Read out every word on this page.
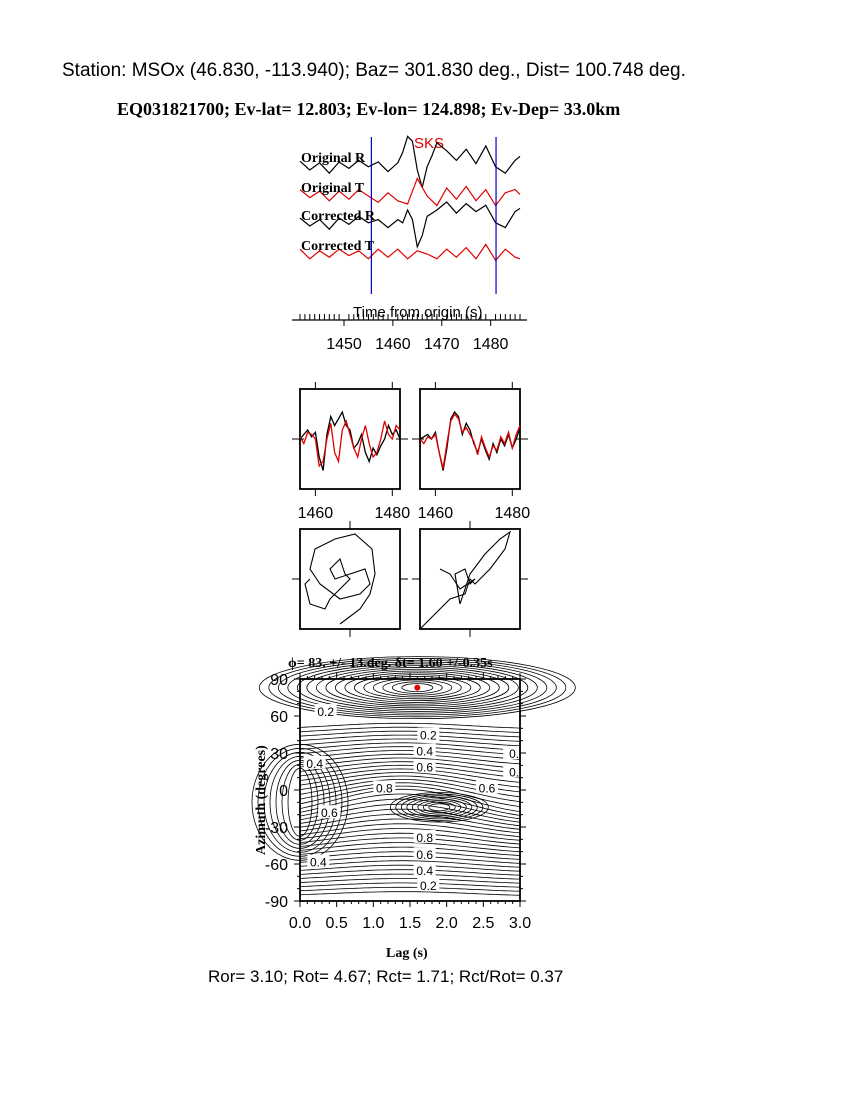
Station: MSOx (46.830, -113.940); Baz= 301.830 deg., Dist= 100.748 deg.
EQ031821700; Ev-lat= 12.803; Ev-lon= 124.898; Ev-Dep= 33.0km
SKS
Original R
Original T
Corrected R
Corrected T
Time from origin (s)
1450 1460 1470 1480
1460	1480 1460	1480
ϕ= 83. +/- 13.deg. δt= 1.60 +/-0.35s
0.2
0.2
0.4
0.6
0.8	0.6
0.4
0.6
0.8
0.6
0.4
0.2
0.4
0.
0.
90
60
30
0
-30
-60
-90
0.0 0.5 1.0 1.5 2.0 2.5 3.0
Lag (s)
Azimuth (degrees)
Ror= 3.10; Rot= 4.67; Rct= 1.71; Rct/Rot= 0.37
